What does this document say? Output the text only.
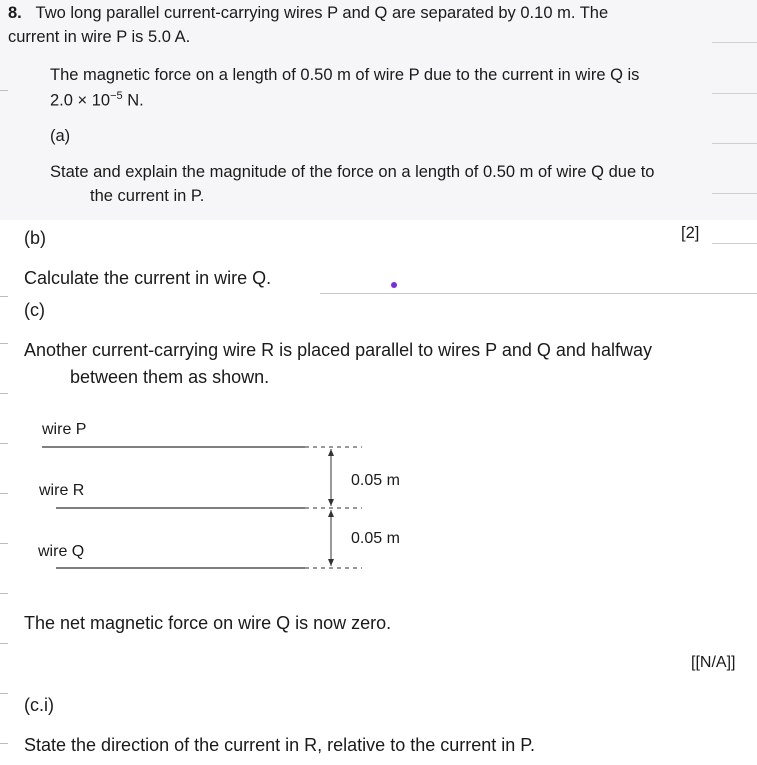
8. Two long parallel current-carrying wires P and Q are separated by 0.10 m. The
current in wire P is 5.0 A.
The magnetic force on a length of 0.50 m of wire P due to the current in wire Q is
$2.0 \times 10^{-5}$ N.
(a)
State and explain the magnitude of the force on a length of 0.50 m of wire Q due to
the current in P.
[2]
(b)
Calculate the current in wire Q.
(c)
Another current-carrying wire R is placed parallel to wires P and Q and halfway
between them as shown.
wire P
wire R
wire Q
0.05 m
0.05 m
The net magnetic force on wire Q is now zero.
[[N/A]]
(c.i)
State the direction of the current in R, relative to the current in P.
